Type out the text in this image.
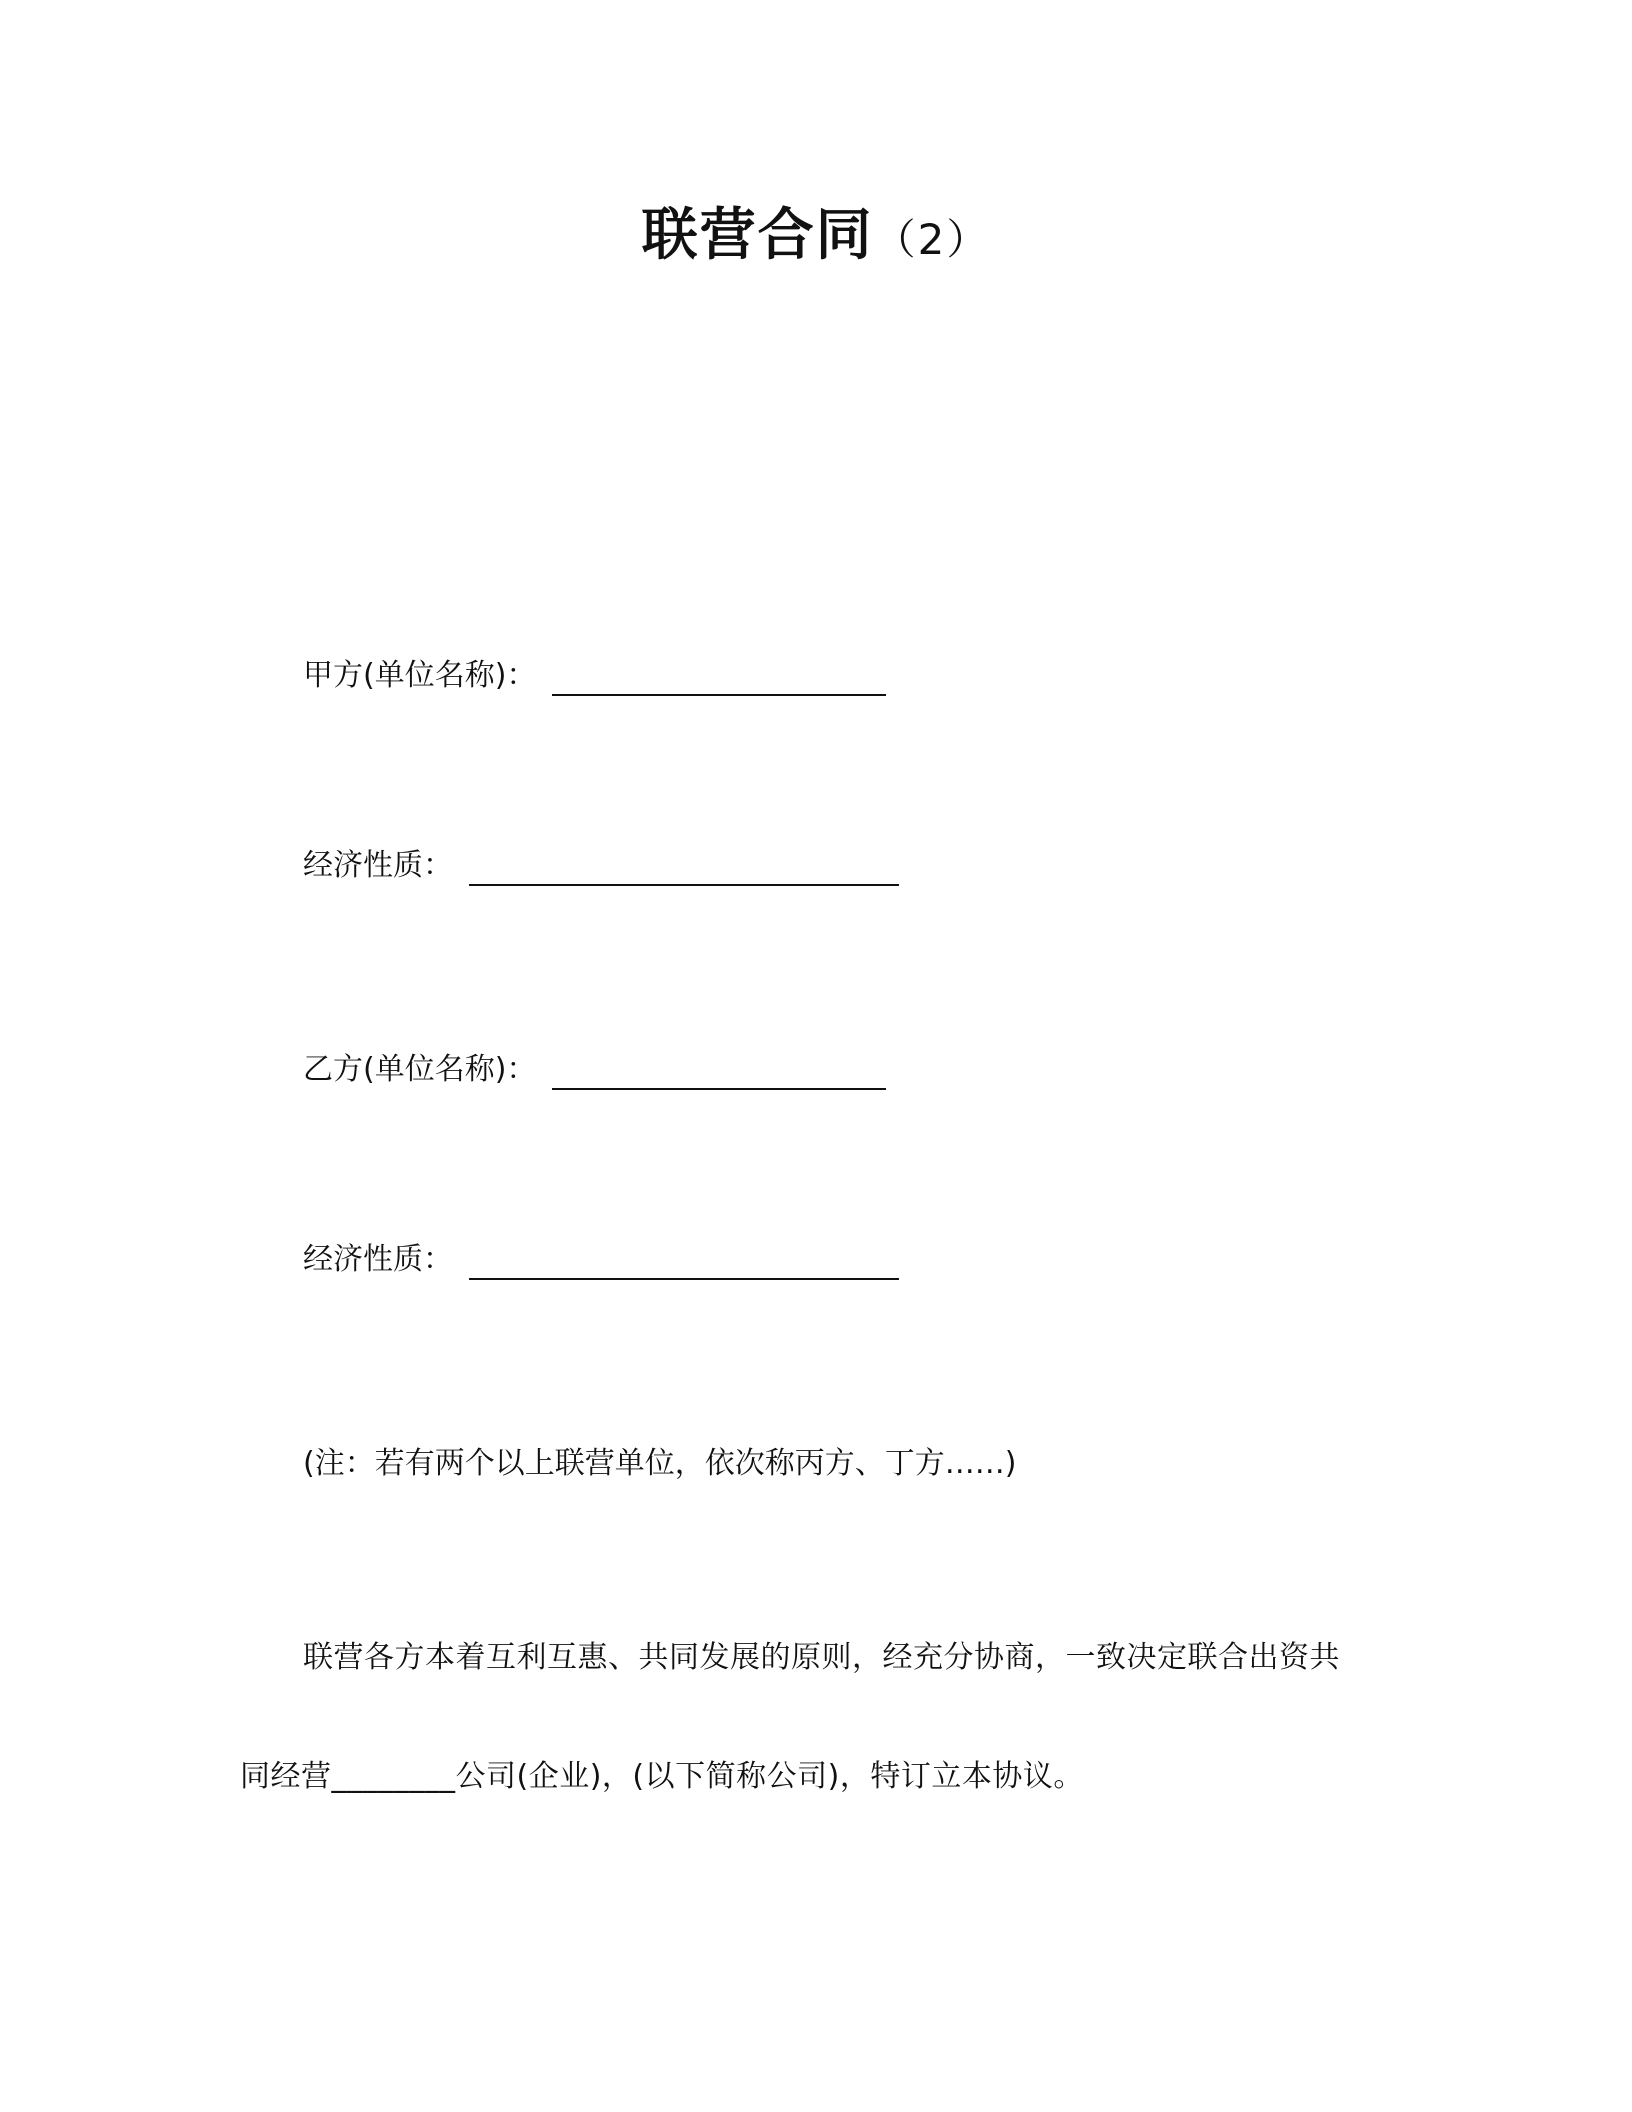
联营合同（2）
甲方(单位名称)：
经济性质：
乙方(单位名称)：
经济性质：
(注：若有两个以上联营单位，依次称丙方、丁方……)
联营各方本着互利互惠、共同发展的原则，经充分协商，一致决定联合出资共
同经营________公司(企业)，(以下简称公司)，特订立本协议。
